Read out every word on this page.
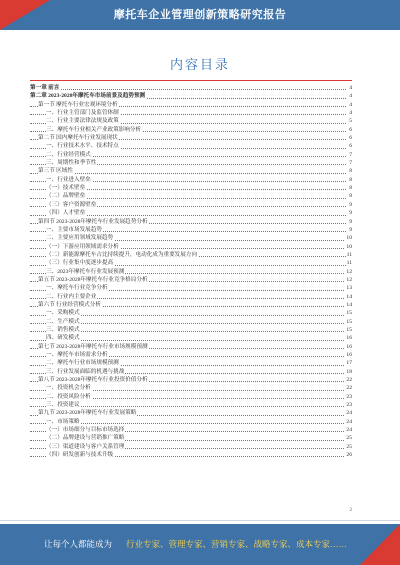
摩托车企业管理创新策略研究报告
内容目录
第一章 前言	4
第二章 2023-2028年摩托车市场前景及趋势预测	4
第一节 摩托车行业宏观环境分析	4
一、行业主管部门及监管体制	4
二、行业主要法律法规及政策	5
三、摩托车行业相关产业政策影响分析	6
第二节 国内摩托车行业发展现状	6
一、行业技术水平、技术特点	6
二、行业经营模式	7
三、周期性和季节性	7
第三节 区域性	8
一、行业进入壁垒	8
（一）技术壁垒	8
（二）品牌壁垒	8
（三）客户资源壁垒	9
（四）人才壁垒	9
第四节 2023-2028年摩托车行业发展趋势分析	9
一、主要市场发展趋势	9
二、主要应用领域发展趋势	10
（一）下游应用领域需求分析	10
（二）新能源摩托车占比持续提升，电动化成为重要发展方向	11
（三）行业集中度逐步提高	11
三、2023年摩托车行业发展预测	12
第五节 2023-2028年摩托车行业竞争格局分析	12
一、摩托车行业竞争分析	13
二、行业内主要企业	14
第六节 行业经营模式分析	14
一、采购模式	15
二、生产模式	15
三、销售模式	15
四、研发模式	16
第七节 2023-2028年摩托车行业市场规模预测	16
一、摩托车市场需求分析	16
二、摩托车行业市场规模预测	17
三、行业发展面临的机遇与挑战	18
第八节 2023-2028年摩托车行业投资价值分析	22
一、投资机会分析	22
二、投资风险分析	23
三、投资建议	23
第九节 2023-2028年摩托车行业发展策略	24
一、市场策略	24
（一）市场细分与目标市场选择	24
（二）品牌建设与营销推广策略	25
（三）渠道建设与客户关系管理	25
（四）研发创新与技术升级	26
2
让每个人都能成为 行业专家、管理专家、营销专家、战略专家、成本专家……
